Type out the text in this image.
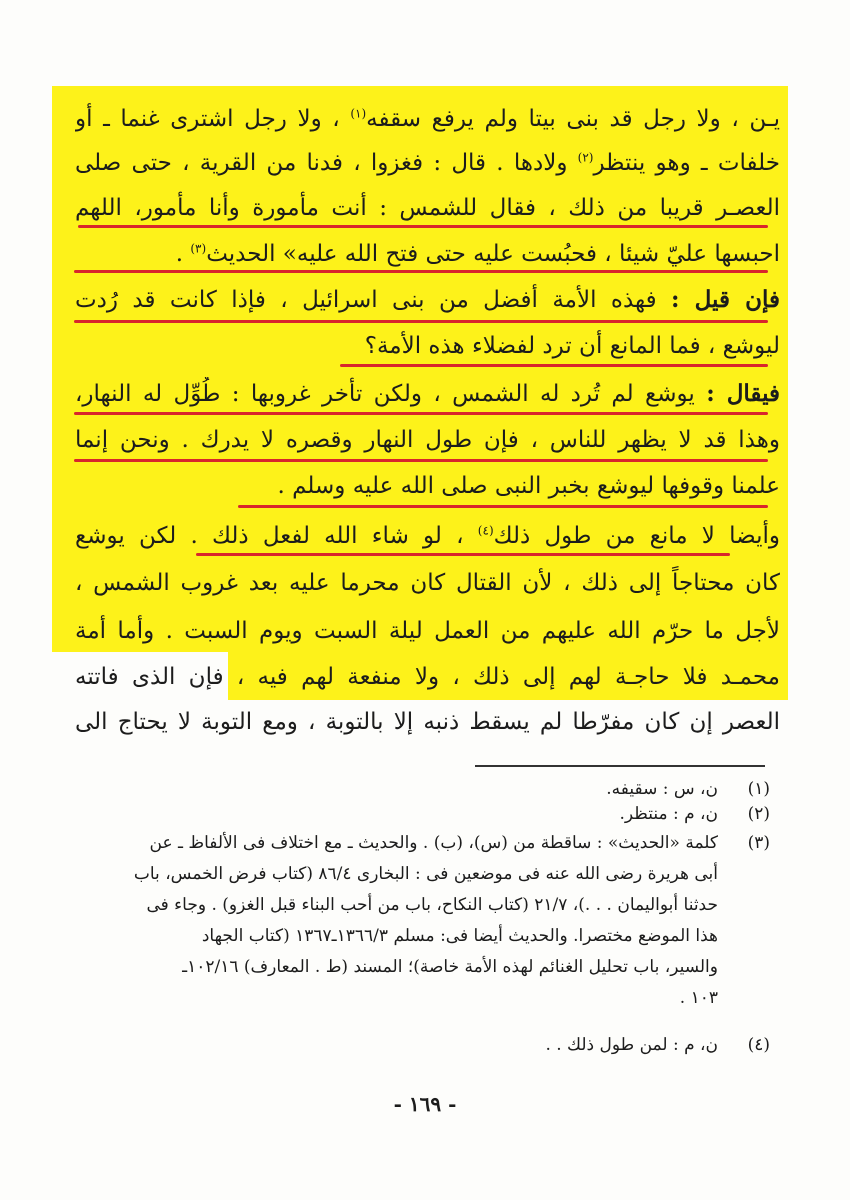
يـن ، ولا رجل قد بنى بيتا ولم يرفع سقفه$^{(١)}$ ، ولا رجل اشترى غنما ـ أو
خلفات ـ وهو ينتظر$^{(٢)}$ ولادها . قال : فغزوا ، فدنا من القرية ، حتى صلى
العصـر قريبا من ذلك ، فقال للشمس : أنت مأمورة وأنا مأمور، اللهم
احبسها عليّ شيئا ، فحبُست عليه حتى فتح الله عليه» الحديث$^{(٣)}$ .
فإن قيل : فهذه الأمة أفضل من بنى اسرائيل ، فإذا كانت قد رُدت
ليوشع ، فما المانع أن ترد لفضلاء هذه الأمة؟
فيقال : يوشع لم تُرد له الشمس ، ولكن تأخر غروبها : طُوِّل له النهار،
وهذا قد لا يظهر للناس ، فإن طول النهار وقصره لا يدرك . ونحن إنما
علمنا وقوفها ليوشع بخبر النبى صلى الله عليه وسلم .
وأيضا لا مانع من طول ذلك$^{(٤)}$ ، لو شاء الله لفعل ذلك . لكن يوشع
كان محتاجاً إلى ذلك ، لأن القتال كان محرما عليه بعد غروب الشمس ،
لأجل ما حرّم الله عليهم من العمل ليلة السبت ويوم السبت . وأما أمة
محمـد فلا حاجـة لهم إلى ذلك ، ولا منفعة لهم فيه ، فإن الذى فاتته
العصر إن كان مفرّطا لم يسقط ذنبه إلا بالتوبة ، ومع التوبة لا يحتاج الى
(١)
ن، س : سقيفه.
(٢)
ن، م : منتظر.
(٣)
كلمة «الحديث» : ساقطة من (س)، (ب) . والحديث ـ مع اختلاف فى الألفاظ ـ عن
أبى هريرة رضى الله عنه فى موضعين فى : البخارى ٨٦/٤ (كتاب فرض الخمس، باب
حدثنا أبواليمان . . .)، ٢١/٧ (كتاب النكاح، باب من أحب البناء قبل الغزو) . وجاء فى
هذا الموضع مختصرا. والحديث أيضا فى: مسلم ١٣٦٦/٣ـ١٣٦٧ (كتاب الجهاد
والسير، باب تحليل الغنائم لهذه الأمة خاصة)؛ المسند (ط . المعارف) ١٠٢/١٦ـ
١٠٣ .
(٤)
ن، م : لمن طول ذلك . .
- ١٦٩ -
